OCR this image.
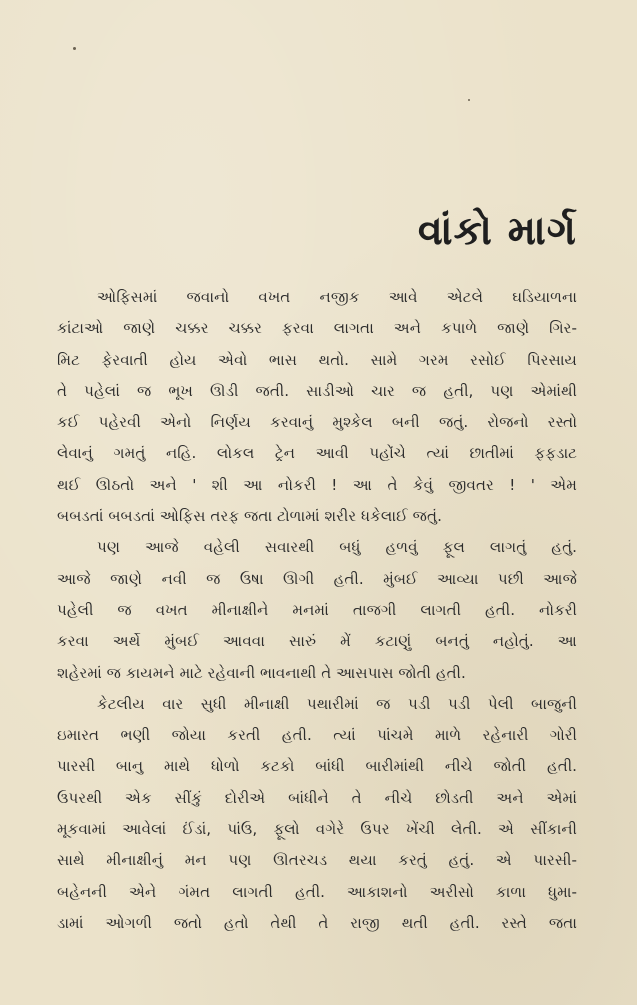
વાંકો માર્ગ
ઓફિસમાં જવાનો વખત નજીક આવે એટલે ઘડિયાળના
કાંટાઓ જાણે ચક્કર ચક્કર ફરવા લાગતા અને કપાળે જાણે ગિર-
મિટ ફેરવાતી હોય એવો ભાસ થતો. સામે ગરમ રસોઈ પિરસાય
તે પહેલાં જ ભૂખ ઊડી જતી. સાડીઓ ચાર જ હતી, પણ એમાંથી
કઈ પહેરવી એનો નિર્ણય કરવાનું મુશ્કેલ બની જતું. રોજનો રસ્તો
લેવાનું ગમતું નહિ. લોકલ ટ્રેન આવી પહોંચે ત્યાં છાતીમાં ફફડાટ
થઈ ઊઠતો અને ' શી આ નોકરી ! આ તે કેવું જીવતર ! ' એમ
બબડતાં બબડતાં ઓફિસ તરફ જતા ટોળામાં શરીર ધકેલાઈ જતું.
પણ આજે વહેલી સવારથી બધું હળવું ફૂલ લાગતું હતું.
આજે જાણે નવી જ ઉષા ઊગી હતી. મુંબઈ આવ્યા પછી આજે
પહેલી જ વખત મીનાક્ષીને મનમાં તાજગી લાગતી હતી. નોકરી
કરવા અર્થે મુંબઈ આવવા સારું મેં કટાણું બનતું નહોતું. આ
શહેરમાં જ કાયમને માટે રહેવાની ભાવનાથી તે આસપાસ જોતી હતી.
કેટલીય વાર સુધી મીનાક્ષી પથારીમાં જ પડી પડી પેલી બાજુની
ઇમારત ભણી જોયા કરતી હતી. ત્યાં પાંચમે માળે રહેનારી ગોરી
પારસી બાનુ માથે ધોળો કટકો બાંધી બારીમાંથી નીચે જોતી હતી.
ઉપરથી એક સીંકું દોરીએ બાંધીને તે નીચે છોડતી અને એમાં
મૂકવામાં આવેલાં ઈંડાં, પાંઉ, ફૂલો વગેરે ઉપર ખેંચી લેતી. એ સીંકાની
સાથે મીનાક્ષીનું મન પણ ઊતરચડ થયા કરતું હતું. એ પારસી-
બહેનની એને ગંમત લાગતી હતી. આકાશનો અરીસો કાળા ધુમા-
ડામાં ઓગળી જતો હતો તેથી તે રાજી થતી હતી. રસ્તે જતા
